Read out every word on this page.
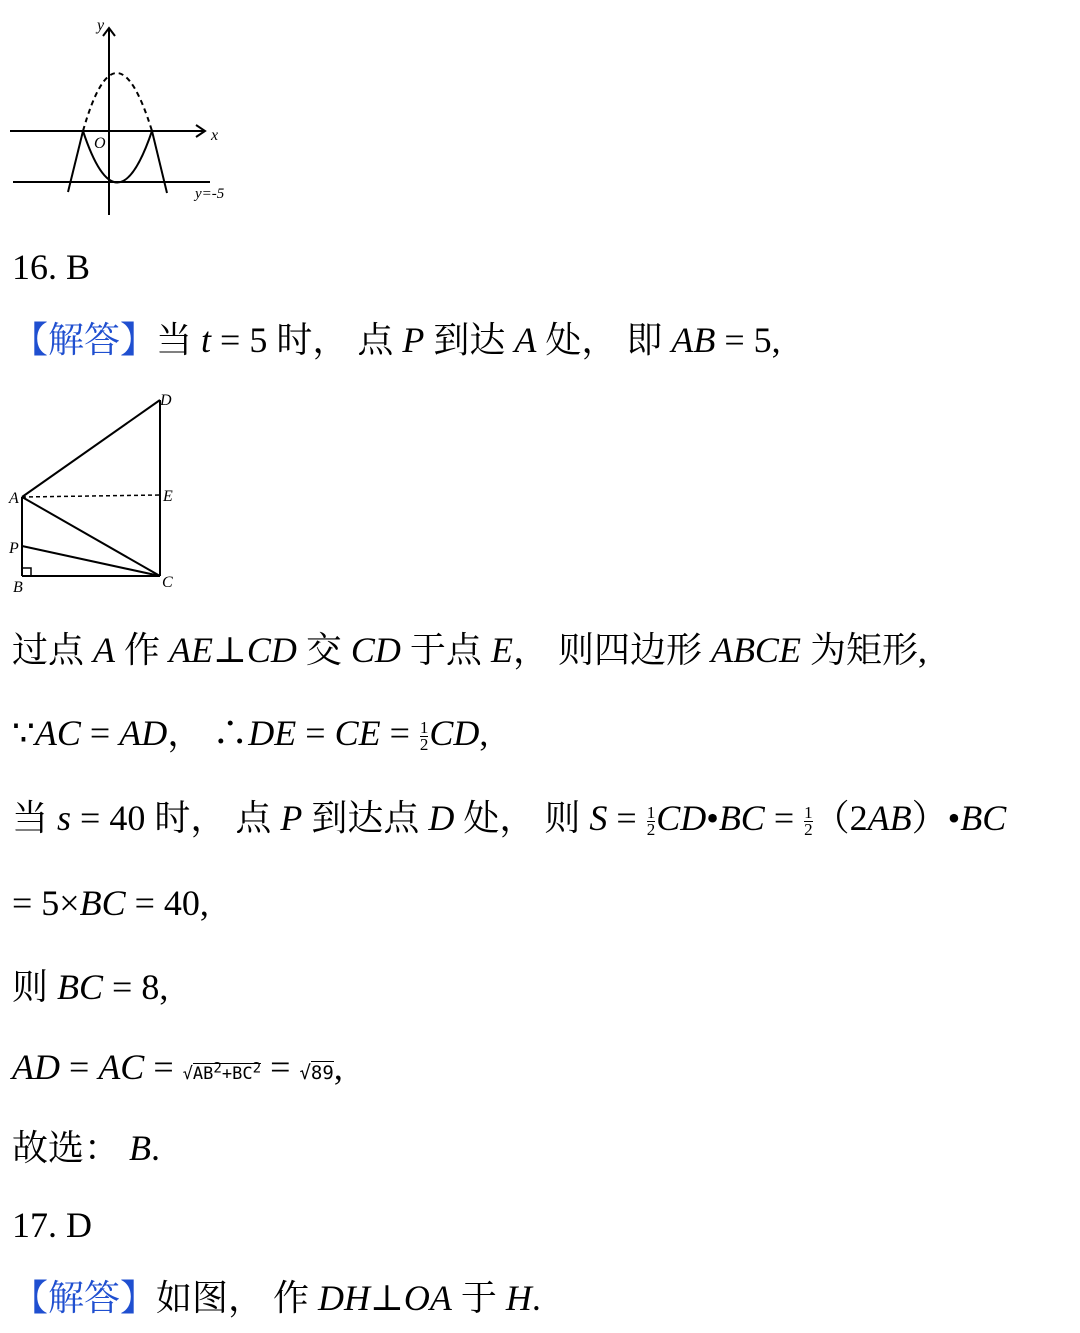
y
x
O
y=-5
16. B
【解答】当 t = 5 时， 点 P 到达 A 处， 即 AB = 5,
D
E
A
P
B	C
过点 A 作 AE⊥CD 交 CD 于点 E， 则四边形 ABCE 为矩形,
∵AC = AD， ∴DE = CE = $\frac{1}{2}$ CD,
当 s = 40 时， 点 P 到达点 D 处， 则 $S = \frac{1}{2}$ CD•BC = $\frac{1}{2}$ （2AB）•BC
= 5×BC = 40,
则 BC = 8,
AD = AC = $√AB^2+BC^2 = √89$,
故选： B.
17. D
【解答】如图， 作 DH⊥OA 于 H.
